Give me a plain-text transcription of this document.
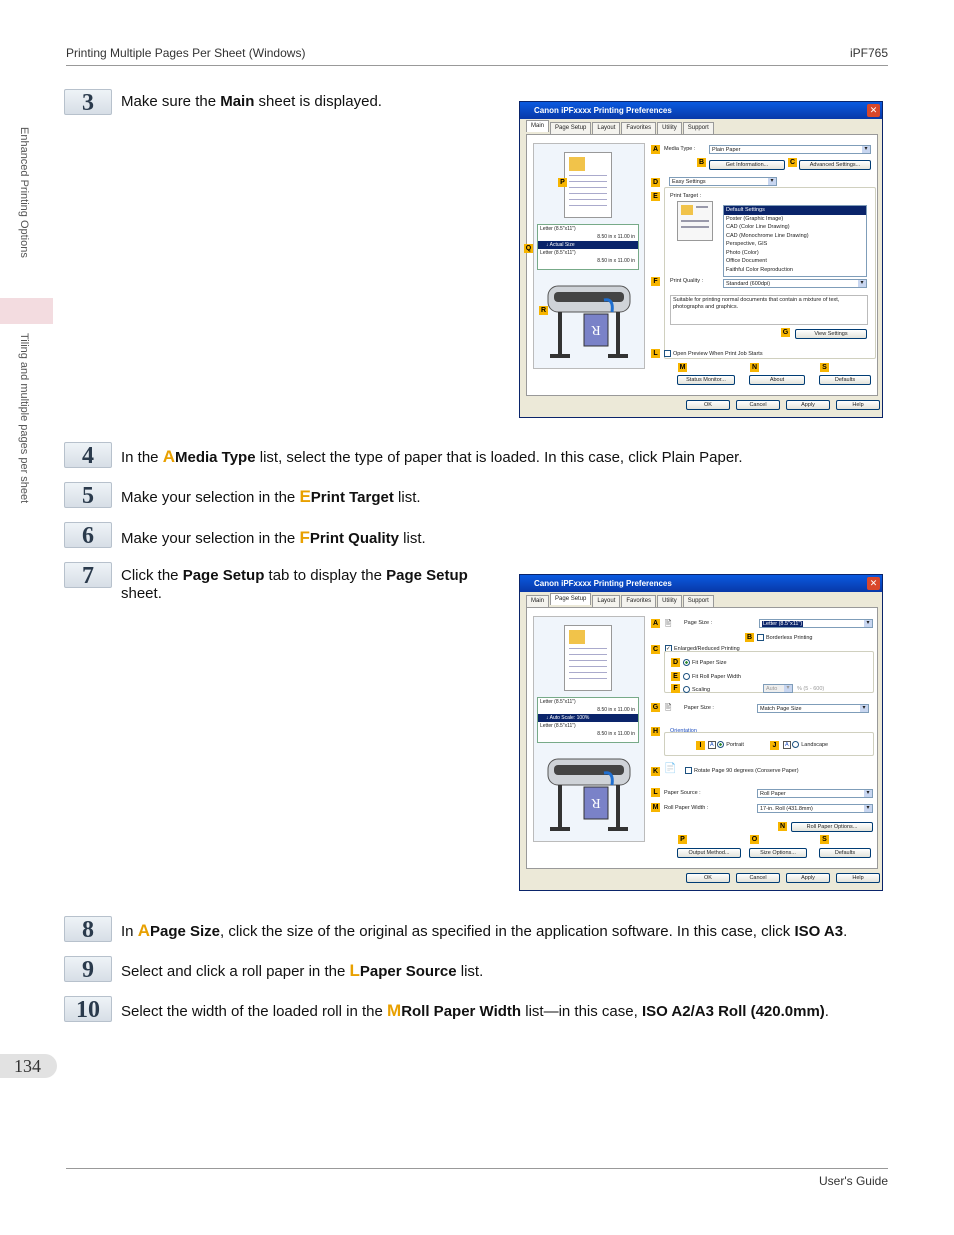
Printing Multiple Pages Per Sheet (Windows)	iPF765
Enhanced Printing Options
Tiling and multiple pages per sheet
134
User's Guide
3	Make sure the Main sheet is displayed.
Canon iPFxxxx Printing Preferences	✕
Main	Page Setup	Layout	Favorites	Utility	Support
Letter (8.5"x11")
8.50 in x 11.00 in
↓ Actual Size
Letter (8.5"x11")
8.50 in x 11.00 in
R
P
Q
R
A	Media Type :	Plain Paper ▾
B	Get Information...	C	Advanced Settings...
D	Easy Settings ▾
E	Print Target :
Default Settings
Poster (Graphic Image)
CAD (Color Line Drawing)
CAD (Monochrome Line Drawing)
Perspective, GIS
Photo (Color)
Office Document
Faithful Color Reproduction
F	Print Quality :	Standard (600dpi) ▾
Suitable for printing normal documents that contain a mixture of text, photographs and graphics.
G	View Settings
L	Open Preview When Print Job Starts
M	N	S
Status Monitor...	About	Defaults
OK	Cancel	Apply	Help
4	In the AMedia Type list, select the type of paper that is loaded. In this case, click Plain Paper.
5	Make your selection in the EPrint Target list.
6	Make your selection in the FPrint Quality list.
7	Click the Page Setup tab to display the Page Setup sheet.
Canon iPFxxxx Printing Preferences	✕
Main	Page Setup	Layout	Favorites	Utility	Support
Letter (8.5"x11")
8.50 in x 11.00 in
↓ Auto Scale: 100%
Letter (8.5"x11")
8.50 in x 11.00 in
R
A 🖹 Page Size :	Letter (8.5"x11") ▾
B	Borderless Printing
C	✓ Enlarged/Reduced Printing
D	Fit Paper Size
E	Fit Roll Paper Width
F	Scaling	Auto ▾	% (5 - 600)
G 🖹 Paper Size :	Match Page Size ▾
H	Orientation
I	A Portrait	J	A Landscape
K 📄	Rotate Page 90 degrees (Conserve Paper)
L	Paper Source :	Roll Paper ▾
M Roll Paper Width :	17-in. Roll (431.8mm) ▾
N	Roll Paper Options...
P	O	S
Output Method...	Size Options...	Defaults
OK	Cancel	Apply	Help
8	In APage Size, click the size of the original as specified in the application software. In this case, click ISO A3.
9	Select and click a roll paper in the LPaper Source list.
10	Select the width of the loaded roll in the MRoll Paper Width list—in this case, ISO A2/A3 Roll (420.0mm).
